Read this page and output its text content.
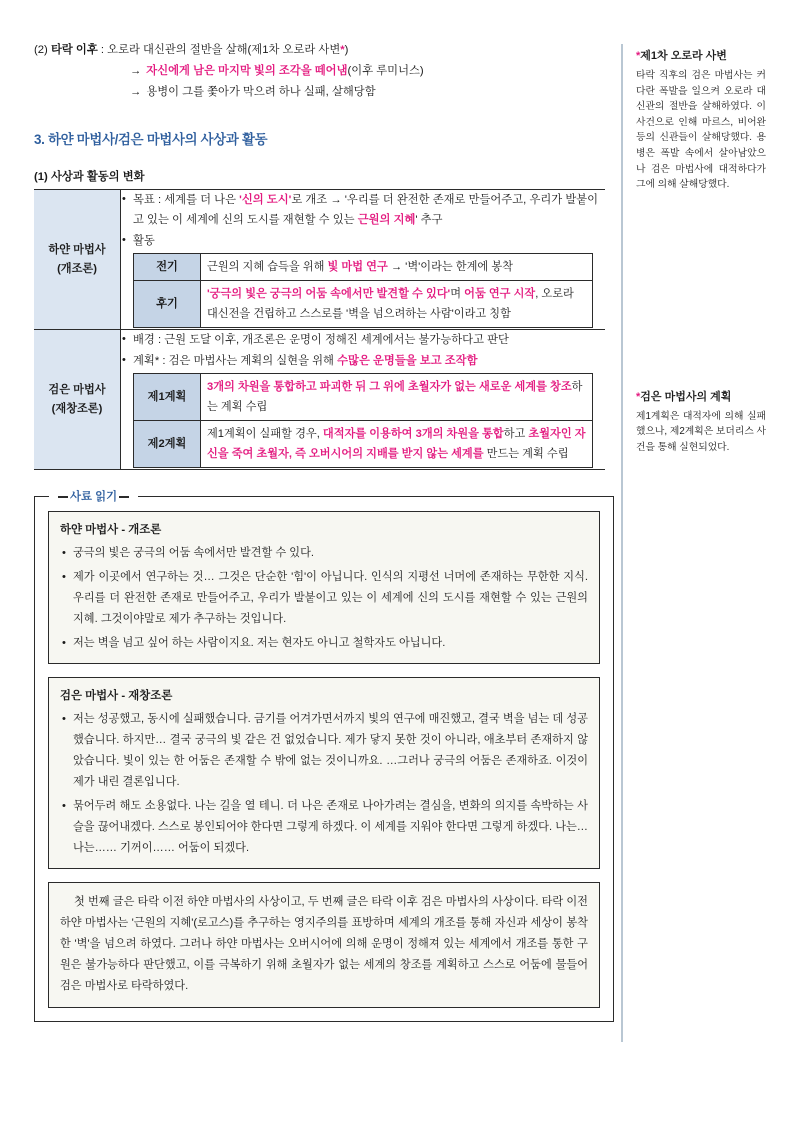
(2) 타락 이후 : 오로라 대신관의 절반을 살해(제1차 오로라 사변*)
→ 자신에게 남은 마지막 빛의 조각을 떼어냄(이후 루미너스)
→ 용병이 그를 쫓아가 막으려 하나 실패, 살해당함
3. 하얀 마법사/검은 마법사의 사상과 활동
(1) 사상과 활동의 변화
하얀 마법사
(개조론)

• 목표 : 세계를 더 나은 '신의 도시'로 개조 → '우리를 더 완전한 존재로 만들어주고, 우리가 발붙이고 있는 이 세계에 신의 도시를 재현할 수 있는 근원의 지혜' 추구
• 활동
전기	근원의 지혜 습득을 위해 빛 마법 연구 → '벽'이라는 한계에 봉착
후기	'궁극의 빛은 궁극의 어둠 속에서만 발견할 수 있다'며 어둠 연구 시작, 오로라 대신전을 건립하고 스스로를 '벽을 넘으려하는 사람'이라고 칭함

검은 마법사
(재창조론)

• 배경 : 근원 도달 이후, 개조론은 운명이 정해진 세계에서는 불가능하다고 판단
• 계획* : 검은 마법사는 계획의 실현을 위해 수많은 운명들을 보고 조작함
제1계획	3개의 차원을 통합하고 파괴한 뒤 그 위에 초월자가 없는 새로운 세계를 창조하는 계획 수립
제2계획	제1계획이 실패할 경우, 대적자를 이용하여 3개의 차원을 통합하고 초월자인 자신을 죽여 초월자, 즉 오버시어의 지배를 받지 않는 세계를 만드는 계획 수립
사료 읽기
하얀 마법사 - 개조론
• 궁극의 빛은 궁극의 어둠 속에서만 발견할 수 있다.
• 제가 이곳에서 연구하는 것… 그것은 단순한 '힘'이 아닙니다. 인식의 지평선 너머에 존재하는 무한한 지식. 우리를 더 완전한 존재로 만들어주고, 우리가 발붙이고 있는 이 세계에 신의 도시를 재현할 수 있는 근원의 지혜. 그것이야말로 제가 추구하는 것입니다.
• 저는 벽을 넘고 싶어 하는 사람이지요. 저는 현자도 아니고 철학자도 아닙니다.
검은 마법사 - 재창조론
• 저는 성공했고, 동시에 실패했습니다. 금기를 어겨가면서까지 빛의 연구에 매진했고, 결국 벽을 넘는 데 성공했습니다. 하지만… 결국 궁극의 빛 같은 건 없었습니다. 제가 닿지 못한 것이 아니라, 애초부터 존재하지 않았습니다. 빛이 있는 한 어둠은 존재할 수 밖에 없는 것이니까요. …그러나 궁극의 어둠은 존재하죠. 이것이 제가 내린 결론입니다.
• 묶어두려 해도 소용없다. 나는 길을 열 테니. 더 나은 존재로 나아가려는 결심을, 변화의 의지를 속박하는 사슬을 끊어내겠다. 스스로 봉인되어야 한다면 그렇게 하겠다. 이 세계를 지워야 한다면 그렇게 하겠다. 나는… 나는…… 기꺼이…… 어둠이 되겠다.

첫 번째 글은 타락 이전 하얀 마법사의 사상이고, 두 번째 글은 타락 이후 검은 마법사의 사상이다. 타락 이전 하얀 마법사는 '근원의 지혜'(로고스)를 추구하는 영지주의를 표방하며 세계의 개조를 통해 자신과 세상이 봉착한 '벽'을 넘으려 하였다. 그러나 하얀 마법사는 오버시어에 의해 운명이 정해져 있는 세계에서 개조를 통한 구원은 불가능하다 판단했고, 이를 극복하기 위해 초월자가 없는 세계의 창조를 계획하고 스스로 어둠에 물들어 검은 마법사로 타락하였다.

*제1차 오로라 사변
타락 직후의 검은 마법사는 커다란 폭발을 일으켜 오로라 대신관의 절반을 살해하였다. 이 사건으로 인해 마르스, 비어완 등의 신관들이 살해당했다. 용병은 폭발 속에서 살아남았으나 검은 마법사에 대적하다가 그에 의해 살해당했다.
*검은 마법사의 계획
제1계획은 대적자에 의해 실패했으나, 제2계획은 보더리스 사건을 통해 실현되었다.
